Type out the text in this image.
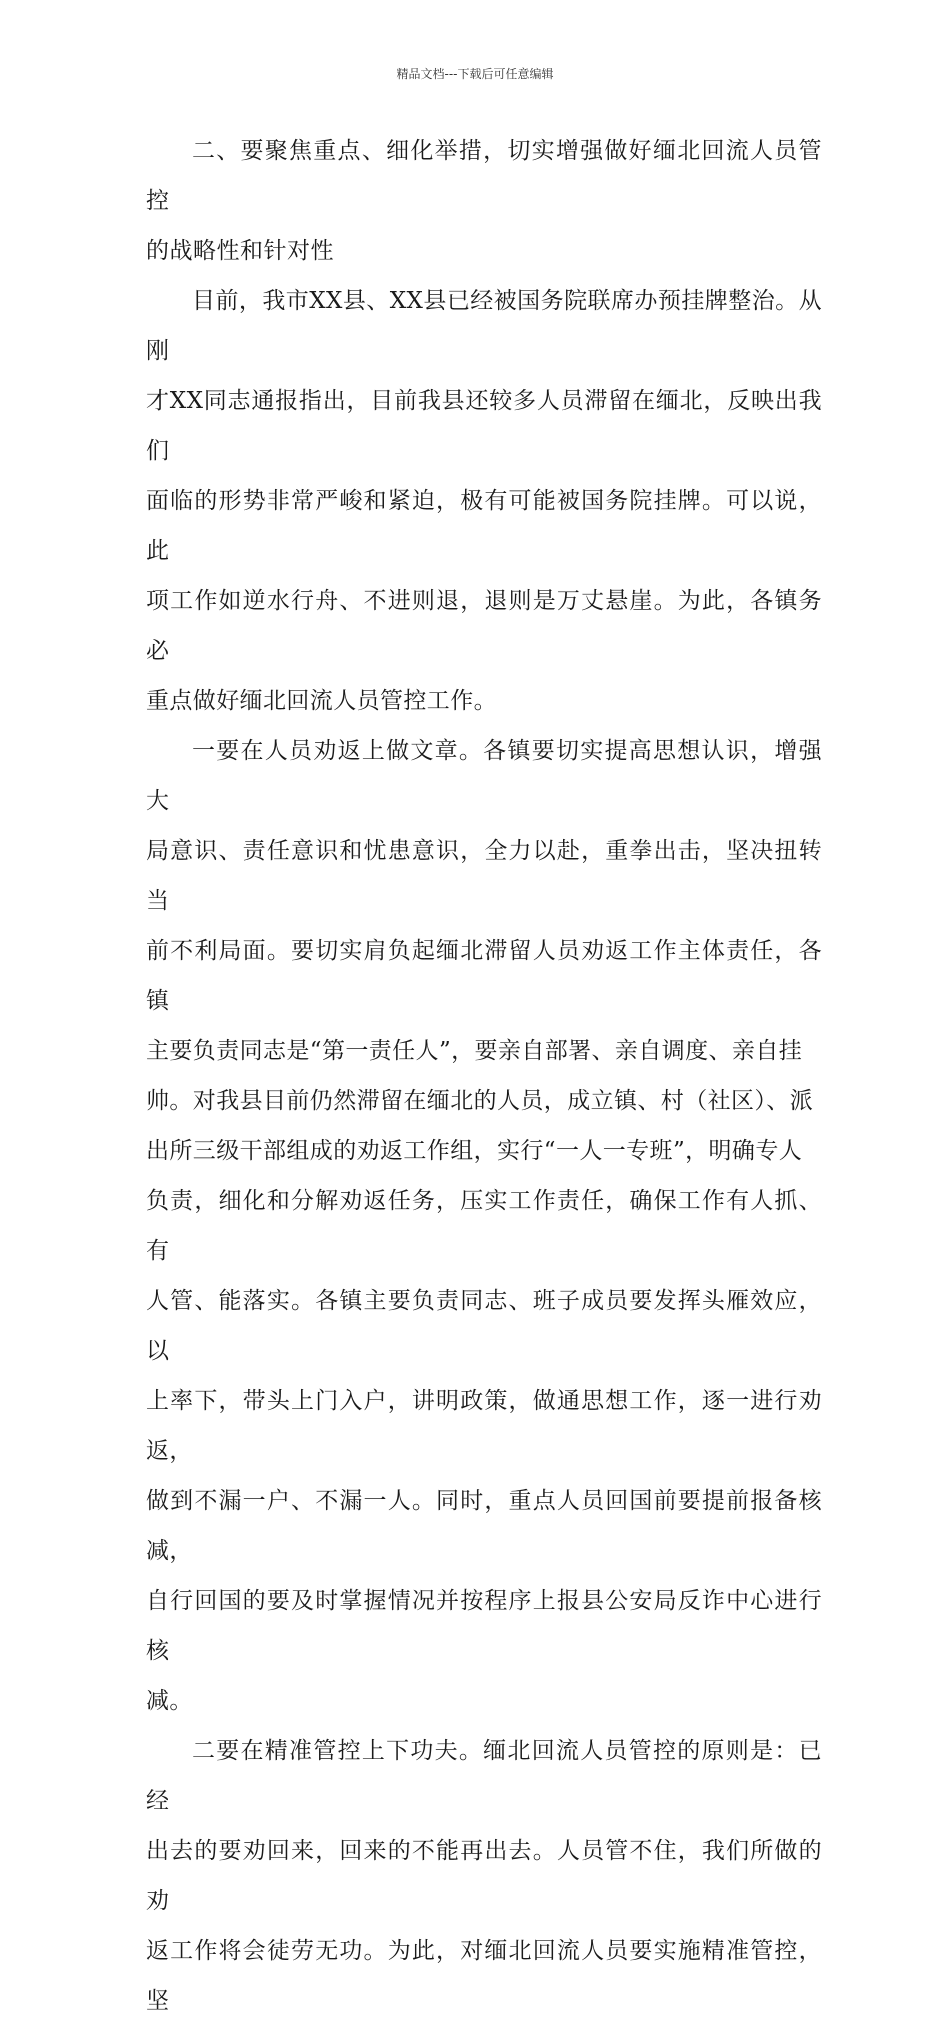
精品文档---下载后可任意编辑

二、要聚焦重点、细化举措，切实增强做好缅北回流人员管控
的战略性和针对性

目前，我市XX县、XX县已经被国务院联席办预挂牌整治。从刚
才XX同志通报指出，目前我县还较多人员滞留在缅北，反映出我们
面临的形势非常严峻和紧迫，极有可能被国务院挂牌。可以说，此
项工作如逆水行舟、不进则退，退则是万丈悬崖。为此，各镇务必
重点做好缅北回流人员管控工作。

一要在人员劝返上做文章。各镇要切实提高思想认识，增强大
局意识、责任意识和忧患意识，全力以赴，重拳出击，坚决扭转当
前不利局面。要切实肩负起缅北滞留人员劝返工作主体责任，各镇
主要负责同志是“第一责任人”，要亲自部署、亲自调度、亲自挂
帅。对我县目前仍然滞留在缅北的人员，成立镇、村（社区）、派
出所三级干部组成的劝返工作组，实行“一人一专班”，明确专人
负责，细化和分解劝返任务，压实工作责任，确保工作有人抓、有
人管、能落实。各镇主要负责同志、班子成员要发挥头雁效应，以
上率下，带头上门入户，讲明政策，做通思想工作，逐一进行劝返，
做到不漏一户、不漏一人。同时，重点人员回国前要提前报备核减，
自行回国的要及时掌握情况并按程序上报县公安局反诈中心进行核
减。

二要在精准管控上下功夫。缅北回流人员管控的原则是：已经
出去的要劝回来，回来的不能再出去。人员管不住，我们所做的劝
返工作将会徒劳无功。为此，对缅北回流人员要实施精准管控，坚
